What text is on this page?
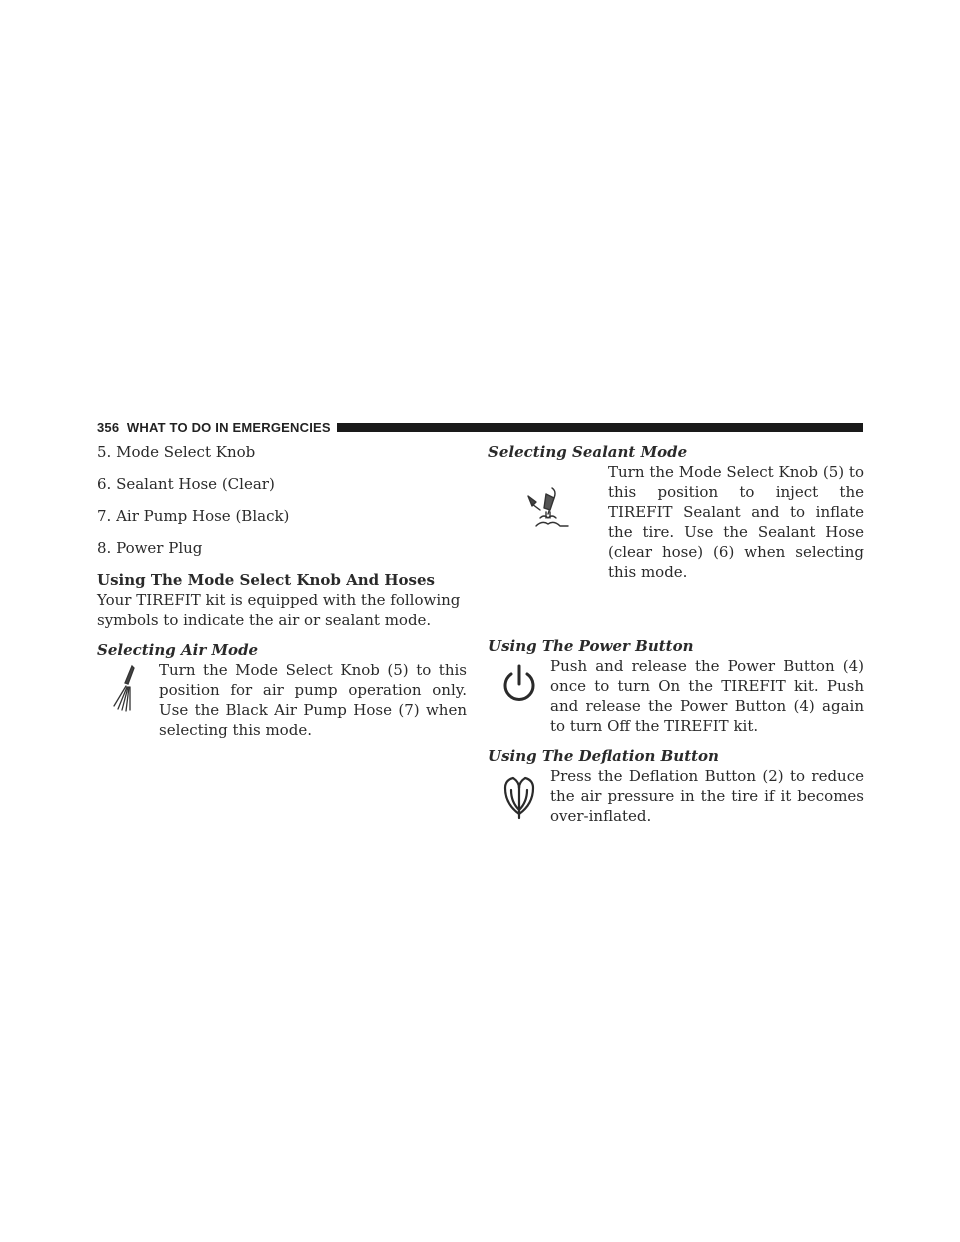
356 WHAT TO DO IN EMERGENCIES

5. Mode Select Knob

6. Sealant Hose (Clear)

7. Air Pump Hose (Black)

8. Power Plug

Using The Mode Select Knob And Hoses

Your TIREFIT kit is equipped with the following symbols to indicate the air or sealant mode.

Selecting Air Mode

Turn the Mode Select Knob (5) to this position for air pump operation only. Use the Black Air Pump Hose (7) when selecting this mode.

Selecting Sealant Mode

Turn the Mode Select Knob (5) to this position to inject the TIREFIT Sealant and to inflate the tire. Use the Sealant Hose (clear hose) (6) when selecting this mode.

Using The Power Button

Push and release the Power Button (4) once to turn On the TIREFIT kit. Push and release the Power Button (4) again to turn Off the TIREFIT kit.

Using The Deflation Button

Press the Deflation Button (2) to reduce the air pressure in the tire if it becomes over-inflated.
